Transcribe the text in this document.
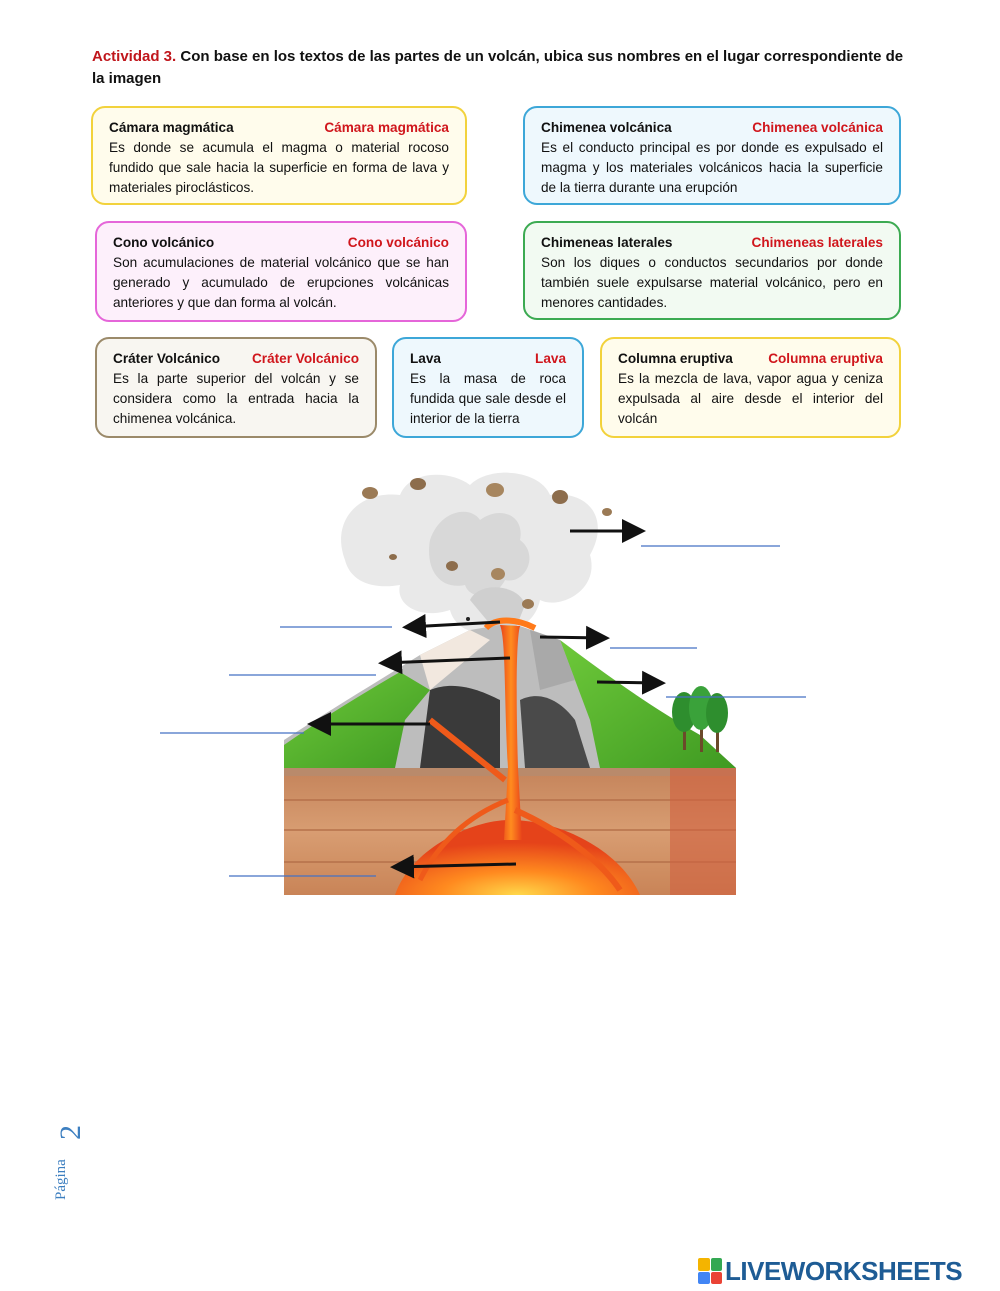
Actividad 3. Con base en los textos de las partes de un volcán, ubica sus nombres en el lugar correspondiente de la imagen
Cámara magmática	Cámara magmática
Es donde se acumula el magma o material rocoso fundido que sale hacia la superficie en forma de lava y materiales piroclásticos.
Chimenea volcánica	Chimenea volcánica
Es el conducto principal es por donde es expulsado el magma y los materiales volcánicos hacia la superficie de la tierra durante una erupción
Cono volcánico	Cono volcánico
Son acumulaciones de material volcánico que se han generado y acumulado de erupciones volcánicas anteriores y que dan forma al volcán.
Chimeneas laterales	Chimeneas laterales
Son los diques o conductos secundarios por donde también suele expulsarse material volcánico, pero en menores cantidades.
Cráter Volcánico Cráter Volcánico
Es la parte superior del volcán y se considera como la entrada hacia la chimenea volcánica.
Lava	Lava
Es la masa de roca fundida que sale desde el interior de la tierra
Columna eruptiva	Columna eruptiva
Es la mezcla de lava, vapor agua y ceniza expulsada al aire desde el interior del volcán
2
Página
LIVEWORKSHEETS
